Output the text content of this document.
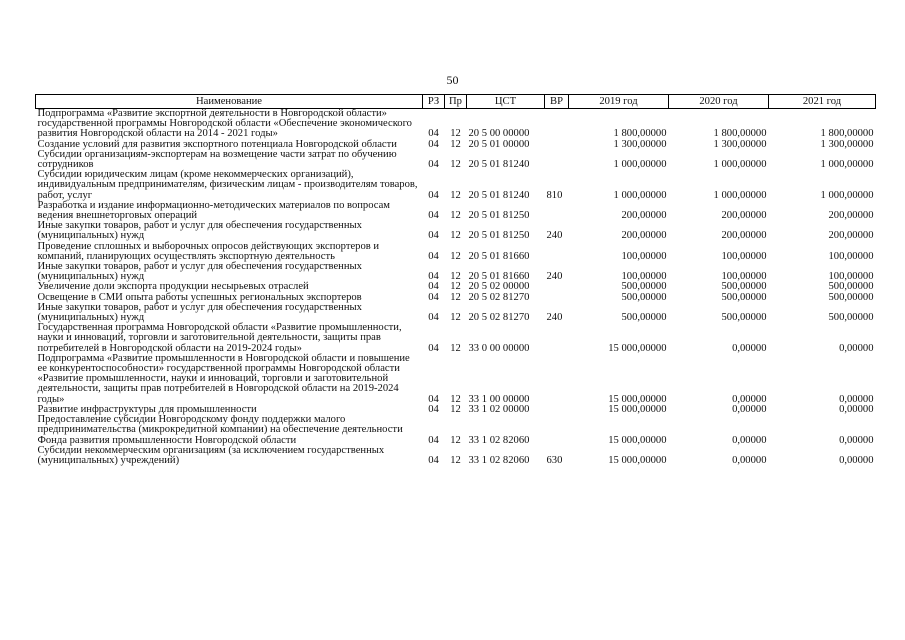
50
Наименование	РЗ	Пр	ЦСТ	ВР	2019 год	2020 год	2021 год
Подпрограмма «Развитие экспортной деятельности в Новгородской области» государственной программы Новгородской области «Обеспечение экономического развития Новгородской области на 2014 - 2021 годы»	04	12	20 5 00 00000		1 800,00000	1 800,00000	1 800,00000
Создание условий для развития экспортного потенциала Новгородской области	04	12	20 5 01 00000		1 300,00000	1 300,00000	1 300,00000
Субсидии организациям-экспортерам на возмещение части затрат по обучению сотрудников	04	12	20 5 01 81240		1 000,00000	1 000,00000	1 000,00000
Субсидии юридическим лицам (кроме некоммерческих организаций), индивидуальным предпринимателям, физическим лицам - производителям товаров, работ, услуг	04	12	20 5 01 81240	810	1 000,00000	1 000,00000	1 000,00000
Разработка и издание информационно-методических материалов по вопросам ведения внешнеторговых операций	04	12	20 5 01 81250		200,00000	200,00000	200,00000
Иные закупки товаров, работ и услуг для обеспечения государственных (муниципальных) нужд	04	12	20 5 01 81250	240	200,00000	200,00000	200,00000
Проведение сплошных и выборочных опросов действующих экспортеров и компаний, планирующих осуществлять экспортную деятельность	04	12	20 5 01 81660		100,00000	100,00000	100,00000
Иные закупки товаров, работ и услуг для обеспечения государственных (муниципальных) нужд	04	12	20 5 01 81660	240	100,00000	100,00000	100,00000
Увеличение доли экспорта продукции несырьевых отраслей	04	12	20 5 02 00000		500,00000	500,00000	500,00000
Освещение в СМИ опыта работы успешных региональных экспортеров	04	12	20 5 02 81270		500,00000	500,00000	500,00000
Иные закупки товаров, работ и услуг для обеспечения государственных (муниципальных) нужд	04	12	20 5 02 81270	240	500,00000	500,00000	500,00000
Государственная программа Новгородской области «Развитие промышленности, науки и инноваций, торговли и заготовительной деятельности, защиты прав потребителей в Новгородской области на 2019-2024 годы»	04	12	33 0 00 00000		15 000,00000	0,00000	0,00000
Подпрограмма «Развитие промышленности в Новгородской области и повышение ее конкурентоспособности» государственной программы Новгородской области «Развитие промышленности, науки и инноваций, торговли и заготовительной деятельности, защиты прав потребителей в Новгородской области на 2019-2024 годы»	04	12	33 1 00 00000		15 000,00000	0,00000	0,00000
Развитие инфраструктуры для промышленности	04	12	33 1 02 00000		15 000,00000	0,00000	0,00000
Предоставление субсидии Новгородскому фонду поддержки малого предпринимательства (микрокредитной компании) на обеспечение деятельности Фонда развития промышленности Новгородской области	04	12	33 1 02 82060		15 000,00000	0,00000	0,00000
Субсидии некоммерческим организациям (за исключением государственных (муниципальных) учреждений)	04	12	33 1 02 82060	630	15 000,00000	0,00000	0,00000
